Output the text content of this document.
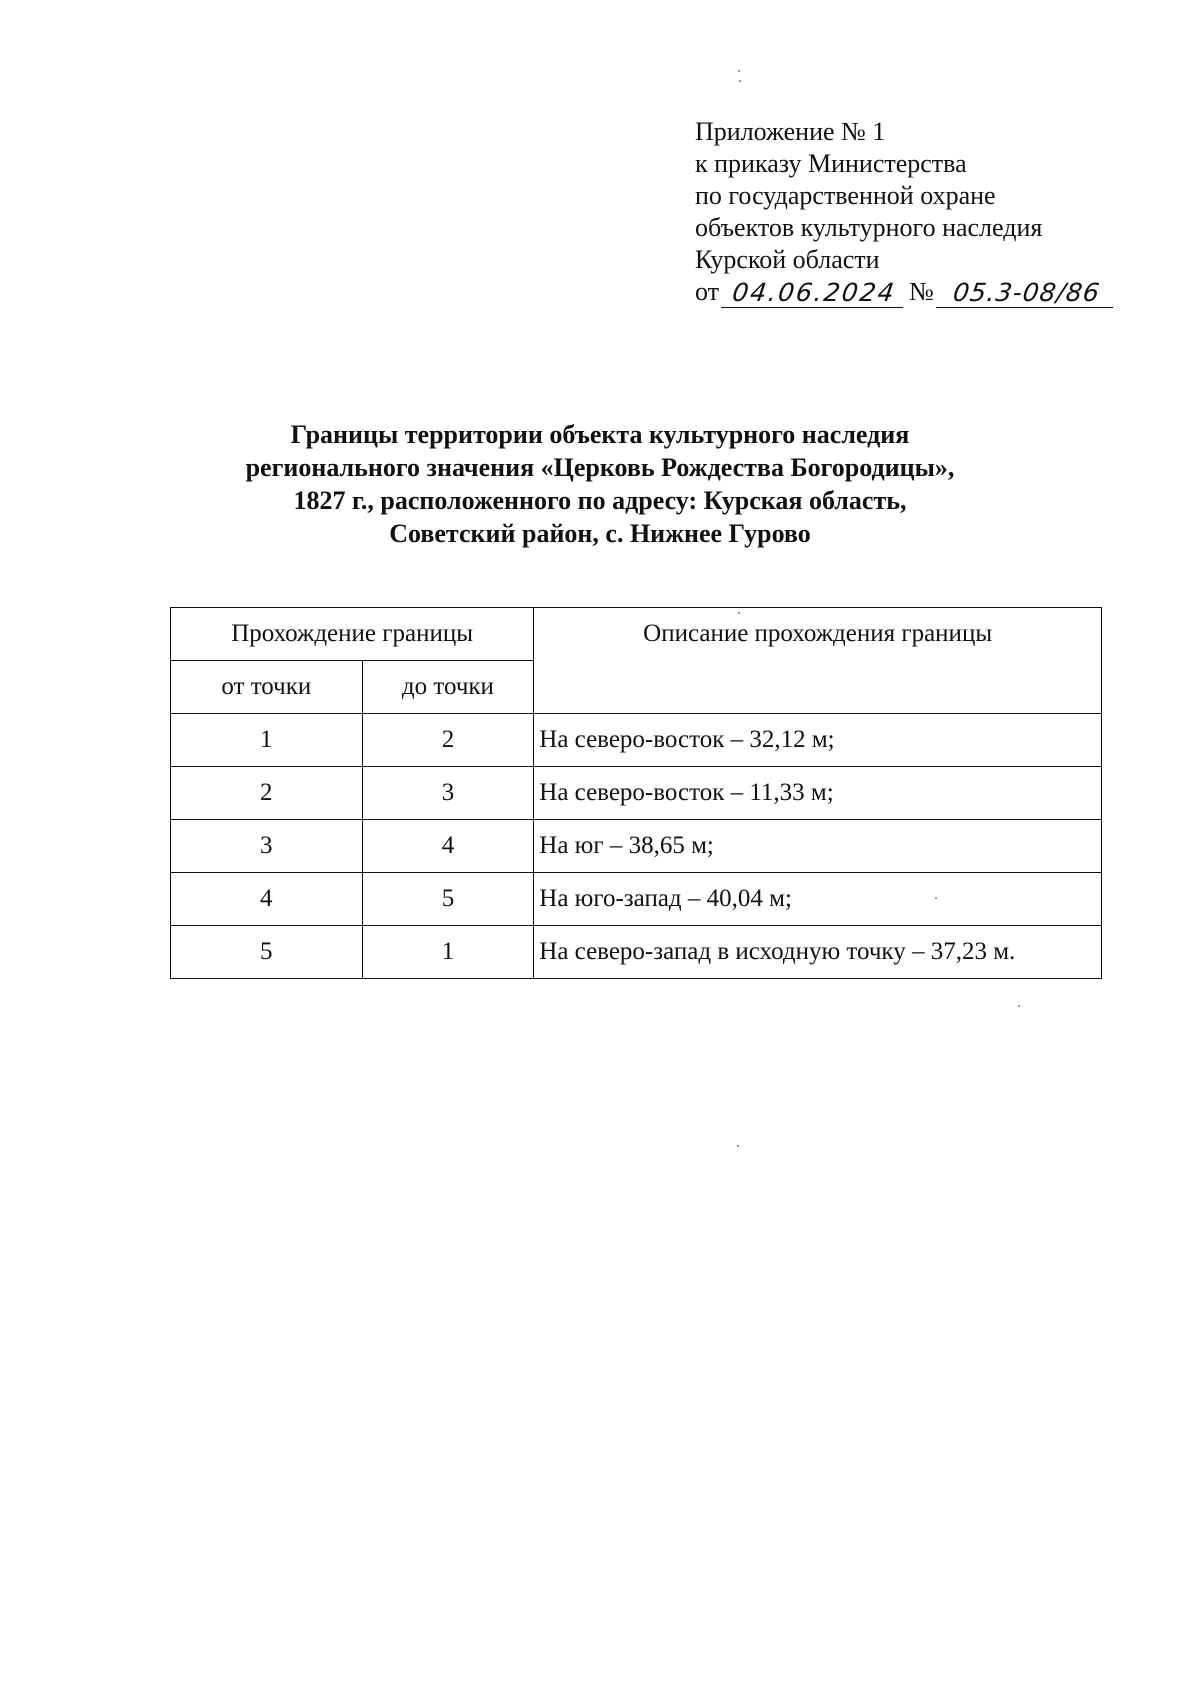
Приложение № 1
к приказу Министерства
по государственной охране
объектов культурного наследия
Курской области
от 04.06.2024 № 05.3-08/86
Границы территории объекта культурного наследия
регионального значения «Церковь Рождества Богородицы»,
1827 г., расположенного по адресу: Курская область,
Советский район, с. Нижнее Гурово
Прохождение границы		Описание прохождения границы
от точки	до точки	
1	2	На северо-восток – 32,12 м;
2	3	На северо-восток – 11,33 м;
3	4	На юг – 38,65 м;
4	5	На юго-запад – 40,04 м;
5	1	На северо-запад в исходную точку – 37,23 м.
